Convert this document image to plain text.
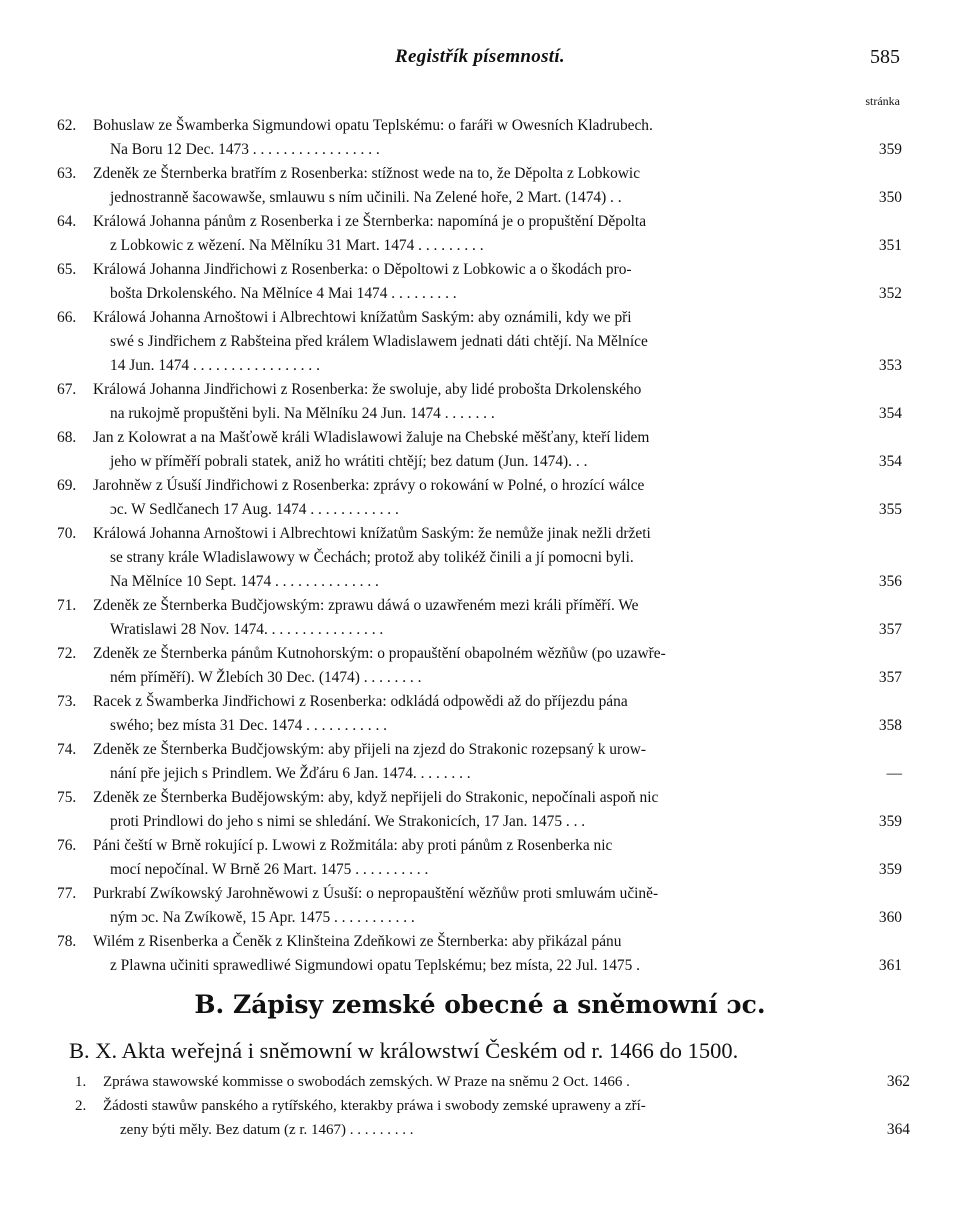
Registřík písemností.	585
stránka
62.	Bohuslaw ze Šwamberka Sigmundowi opatu Teplskému: o faráři w Owesních Kladrubech.
Na Boru 12 Dec. 1473 . . . . . . . . . . . . . . . . .	359
63.	Zdeněk ze Šternberka bratřím z Rosenberka: stížnost wede na to, že Děpolta z Lobkowic
jednostranně šacowawše, smlauwu s ním učinili. Na Zelené hoře, 2 Mart. (1474) . .	350
64.	Králowá Johanna pánům z Rosenberka i ze Šternberka: napomíná je o propuštění Děpolta
z Lobkowic z wězení. Na Mělníku 31 Mart. 1474 . . . . . . . . .	351
65.	Králowá Johanna Jindřichowi z Rosenberka: o Děpoltowi z Lobkowic a o škodách pro-
bošta Drkolenského. Na Mělníce 4 Mai 1474 . . . . . . . . .	352
66.	Králowá Johanna Arnoštowi i Albrechtowi knížatům Saským: aby oznámili, kdy we při
swé s Jindřichem z Rabšteina před králem Wladislawem jednati dáti chtějí. Na Mělníce
14 Jun. 1474 . . . . . . . . . . . . . . . . .	353
67.	Králowá Johanna Jindřichowi z Rosenberka: že swoluje, aby lidé probošta Drkolenského
na rukojmě propuštěni byli. Na Mělníku 24 Jun. 1474 . . . . . . .	354
68.	Jan z Kolowrat a na Mašťowě králi Wladislawowi žaluje na Chebské měšťany, kteří lidem
jeho w příměří pobrali statek, aniž ho wrátiti chtějí; bez datum (Jun. 1474). . .	354
69.	Jarohněw z Úsuší Jindřichowi z Rosenberka: zprávy o rokowání w Polné, o hrozící wálce
ɔc. W Sedlčanech 17 Aug. 1474 . . . . . . . . . . . .	355
70.	Králowá Johanna Arnoštowi i Albrechtowi knížatům Saským: že nemůže jinak nežli držeti
se strany krále Wladislawowy w Čechách; protož aby tolikéž činili a jí pomocni byli.
Na Mělníce 10 Sept. 1474 . . . . . . . . . . . . . .	356
71.	Zdeněk ze Šternberka Budčjowským: zprawu dáwá o uzawřeném mezi králi příměří. We
Wratislawi 28 Nov. 1474. . . . . . . . . . . . . . . .	357
72.	Zdeněk ze Šternberka pánům Kutnohorským: o propauštění obapolném wězňůw (po uzawře-
ném příměří). W Žlebích 30 Dec. (1474) . . . . . . . .	357
73.	Racek z Šwamberka Jindřichowi z Rosenberka: odkládá odpowědi až do příjezdu pána
swého; bez místa 31 Dec. 1474 . . . . . . . . . . .	358
74.	Zdeněk ze Šternberka Budčjowským: aby přijeli na zjezd do Strakonic rozepsaný k urow-
nání pře jejich s Prindlem. We Žďáru 6 Jan. 1474. . . . . . . .	—
75.	Zdeněk ze Šternberka Budějowským: aby, když nepřijeli do Strakonic, nepočínali aspoň nic
proti Prindlowi do jeho s nimi se shledání. We Strakonicích, 17 Jan. 1475 . . .	359
76.	Páni čeští w Brně rokující p. Lwowi z Rožmitála: aby proti pánům z Rosenberka nic
mocí nepočínal. W Brně 26 Mart. 1475 . . . . . . . . . .	359
77.	Purkrabí Zwíkowský Jarohněwowi z Úsuší: o nepropauštění wězňůw proti smluwám učině-
ným ɔc. Na Zwíkowě, 15 Apr. 1475 . . . . . . . . . . .	360
78.	Wilém z Risenberka a Čeněk z Klinšteina Zdeňkowi ze Šternberka: aby přikázal pánu
z Plawna učiniti sprawedliwé Sigmundowi opatu Teplskému; bez místa, 22 Jul. 1475 .	361
B. Zápisy zemské obecné a sněmowní ɔc.
B. X. Akta weřejná i sněmowní w králowstwí Českém od r. 1466 do 1500.
1.	Zpráwa stawowské kommisse o swobodách zemských. W Praze na sněmu 2 Oct. 1466 .	362
2.	Žádosti stawůw panského a rytířského, kterakby práwa i swobody zemské upraweny a zří-
zeny býti měly. Bez datum (z r. 1467) . . . . . . . . .	364
